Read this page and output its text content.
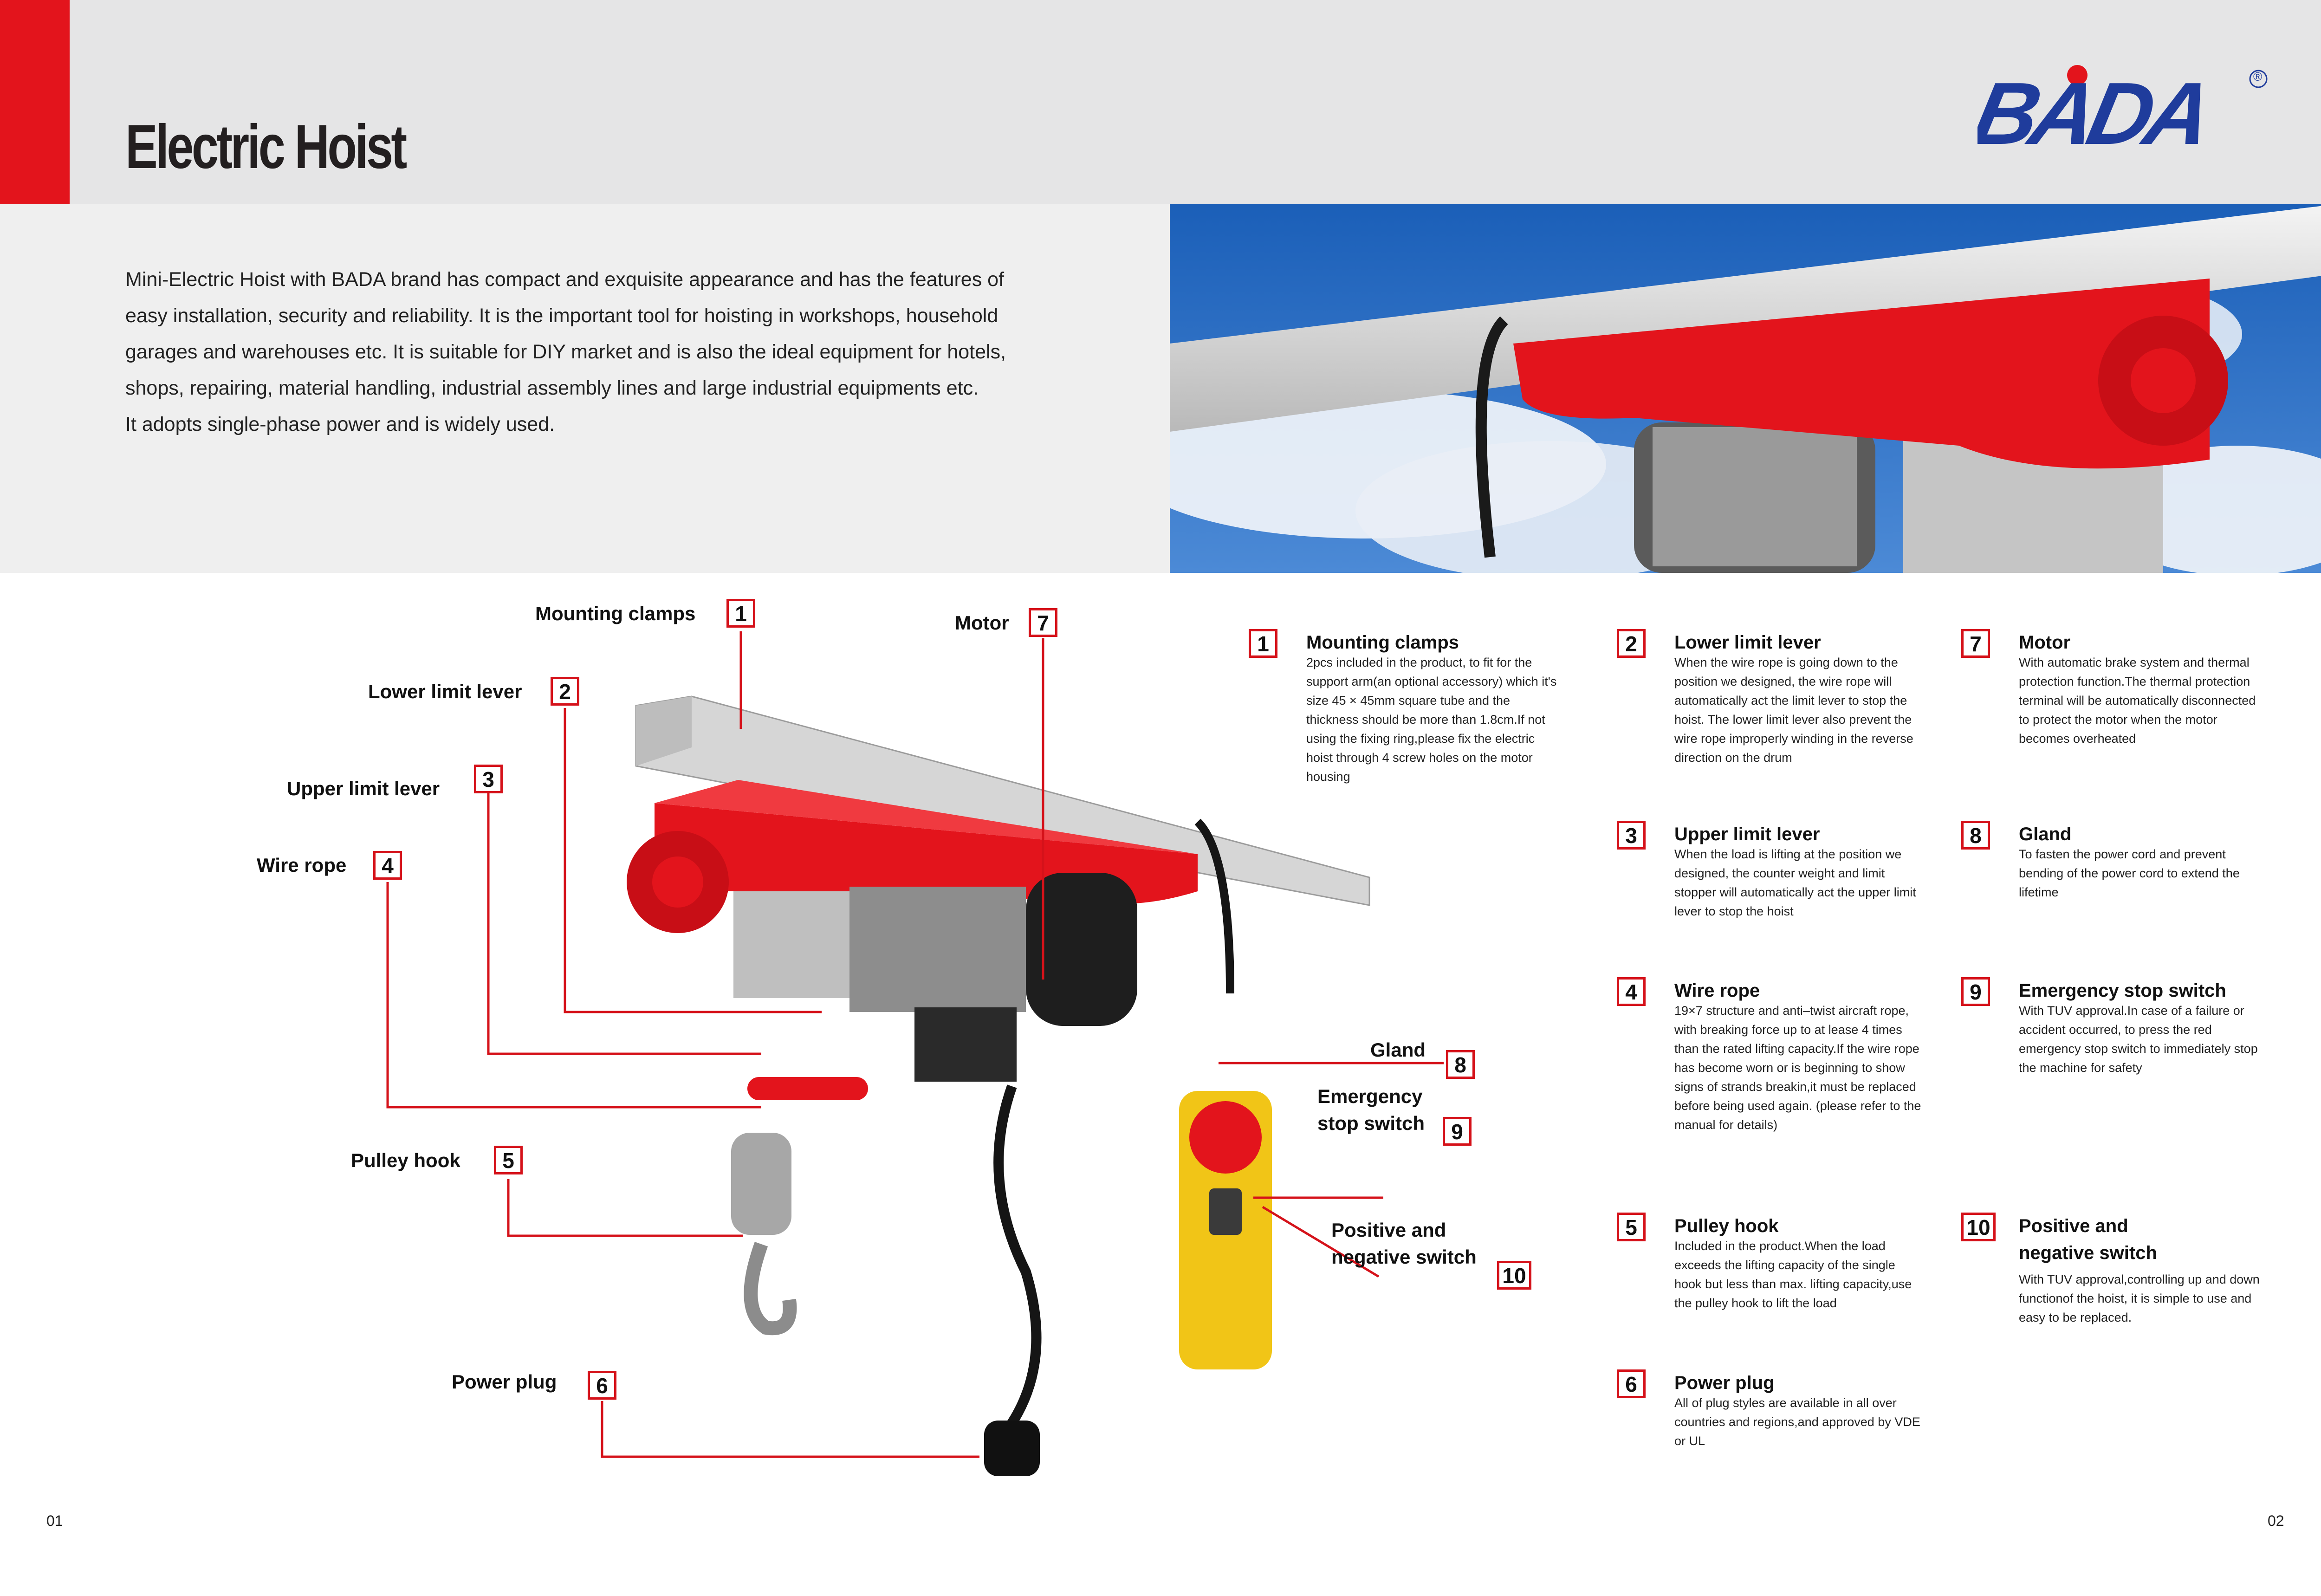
Electric Hoist	BADA	®
Mini-Electric Hoist with BADA brand has compact and exquisite appearance and has the features of
easy installation, security and reliability. It is the important tool for hoisting in workshops, household
garages and warehouses etc. It is suitable for DIY market and is also the ideal equipment for hotels,
shops, repairing, material handling, industrial assembly lines and large industrial equipments etc.
It adopts single-phase power and is widely used.
Mounting clamps	1
Lower limit lever	2
Upper limit lever	3
Wire rope	4
Pulley hook	5
Power plug	6
Motor	7
Gland
8
Emergency
stop switch	9
Positive and
negative switch
10
1	Mounting clamps
2pcs included in the product, to fit for the support arm(an optional accessory) which it's size 45 × 45mm square tube and the thickness should be more than 1.8cm.If not using the fixing ring,please fix the electric hoist through 4 screw holes on the motor housing
2	Lower limit lever
When the wire rope is going down to the position we designed, the wire rope will automatically act the limit lever to stop the hoist. The lower limit lever also prevent the wire rope improperly winding in the reverse direction on the drum
3	Upper limit lever
When the load is lifting at the position we designed, the counter weight and limit stopper will automatically act the upper limit lever to stop the hoist
4	Wire rope
19×7 structure and anti–twist aircraft rope, with breaking force up to at lease 4 times than the rated lifting capacity.If the wire rope has become worn or is beginning to show signs of strands breakin,it must be replaced before being used again. (please refer to the manual for details)
5	Pulley hook
Included in the product.When the load exceeds the lifting capacity of the single hook but less than max. lifting capacity,use the pulley hook to lift the load
6	Power plug
All of plug styles are available in all over countries and regions,and approved by VDE or UL
7	Motor
With automatic brake system and thermal protection function.The thermal protection terminal will be automatically disconnected to protect the motor when the motor becomes overheated
8	Gland
To fasten the power cord and prevent bending of the power cord to extend the lifetime
9	Emergency stop switch
With TUV approval.In case of a failure or accident occurred, to press the red emergency stop switch to immediately stop the machine for safety
10 Positive and
negative switch
With TUV approval,controlling up and down functionof the hoist, it is simple to use and easy to be replaced.
01	02
